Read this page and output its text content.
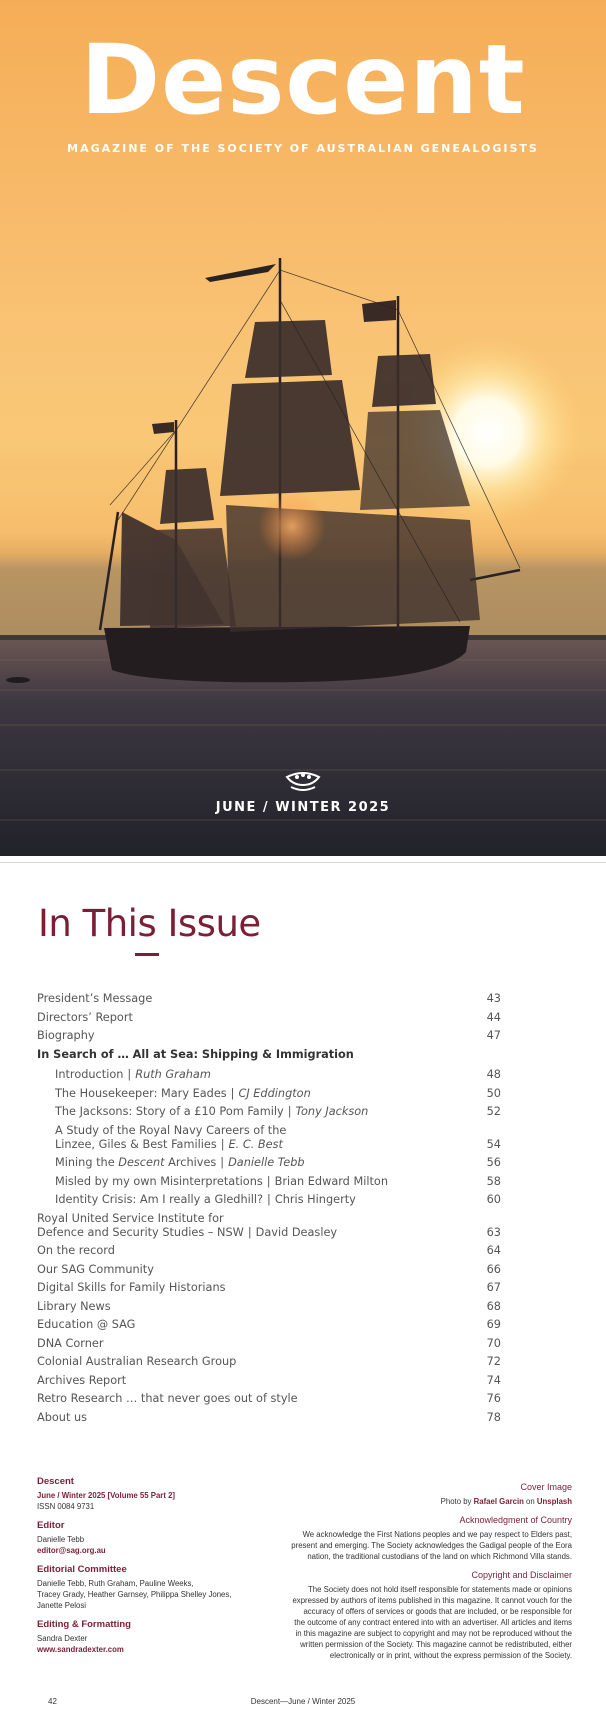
Descent
MAGAZINE OF THE SOCIETY OF AUSTRALIAN GENEALOGISTS
JUNE / WINTER 2025
In This Issue
President’s Message	43
Directors’ Report	44
Biography	47
In Search of … All at Sea: Shipping & Immigration
Introduction | Ruth Graham	48
The Housekeeper: Mary Eades | CJ Eddington	50
The Jacksons: Story of a £10 Pom Family | Tony Jackson	52
A Study of the Royal Navy Careers of the
Linzee, Giles & Best Families | E. C. Best	54
Mining the Descent Archives | Danielle Tebb	56
Misled by my own Misinterpretations | Brian Edward Milton	58
Identity Crisis: Am I really a Gledhill? | Chris Hingerty	60
Royal United Service Institute for
Defence and Security Studies – NSW | David Deasley	63
On the record	64
Our SAG Community	66
Digital Skills for Family Historians	67
Library News	68
Education @ SAG	69
DNA Corner	70
Colonial Australian Research Group	72
Archives Report	74
Retro Research … that never goes out of style	76
About us	78
Descent
June / Winter 2025 [Volume 55 Part 2]
ISSN 0084 9731
Editor
Danielle Tebb
editor@sag.org.au
Editorial Committee
Danielle Tebb, Ruth Graham, Pauline Weeks,
Tracey Grady, Heather Garnsey, Philippa Shelley Jones,
Janette Pelosi
Editing & Formatting
Sandra Dexter
www.sandradexter.com
Cover Image
Photo by Rafael Garcin on Unsplash
Acknowledgment of Country
We acknowledge the First Nations peoples and we pay respect to Elders past,
present and emerging. The Society acknowledges the Gadigal people of the Eora
nation, the traditional custodians of the land on which Richmond Villa stands.
Copyright and Disclaimer
The Society does not hold itself responsible for statements made or opinions
expressed by authors of items published in this magazine. It cannot vouch for the
accuracy of offers of services or goods that are included, or be responsible for
the outcome of any contract entered into with an advertiser. All articles and items
in this magazine are subject to copyright and may not be reproduced without the
written permission of the Society. This magazine cannot be redistributed, either
electronically or in print, without the express permission of the Society.
42	Descent—June / Winter 2025
